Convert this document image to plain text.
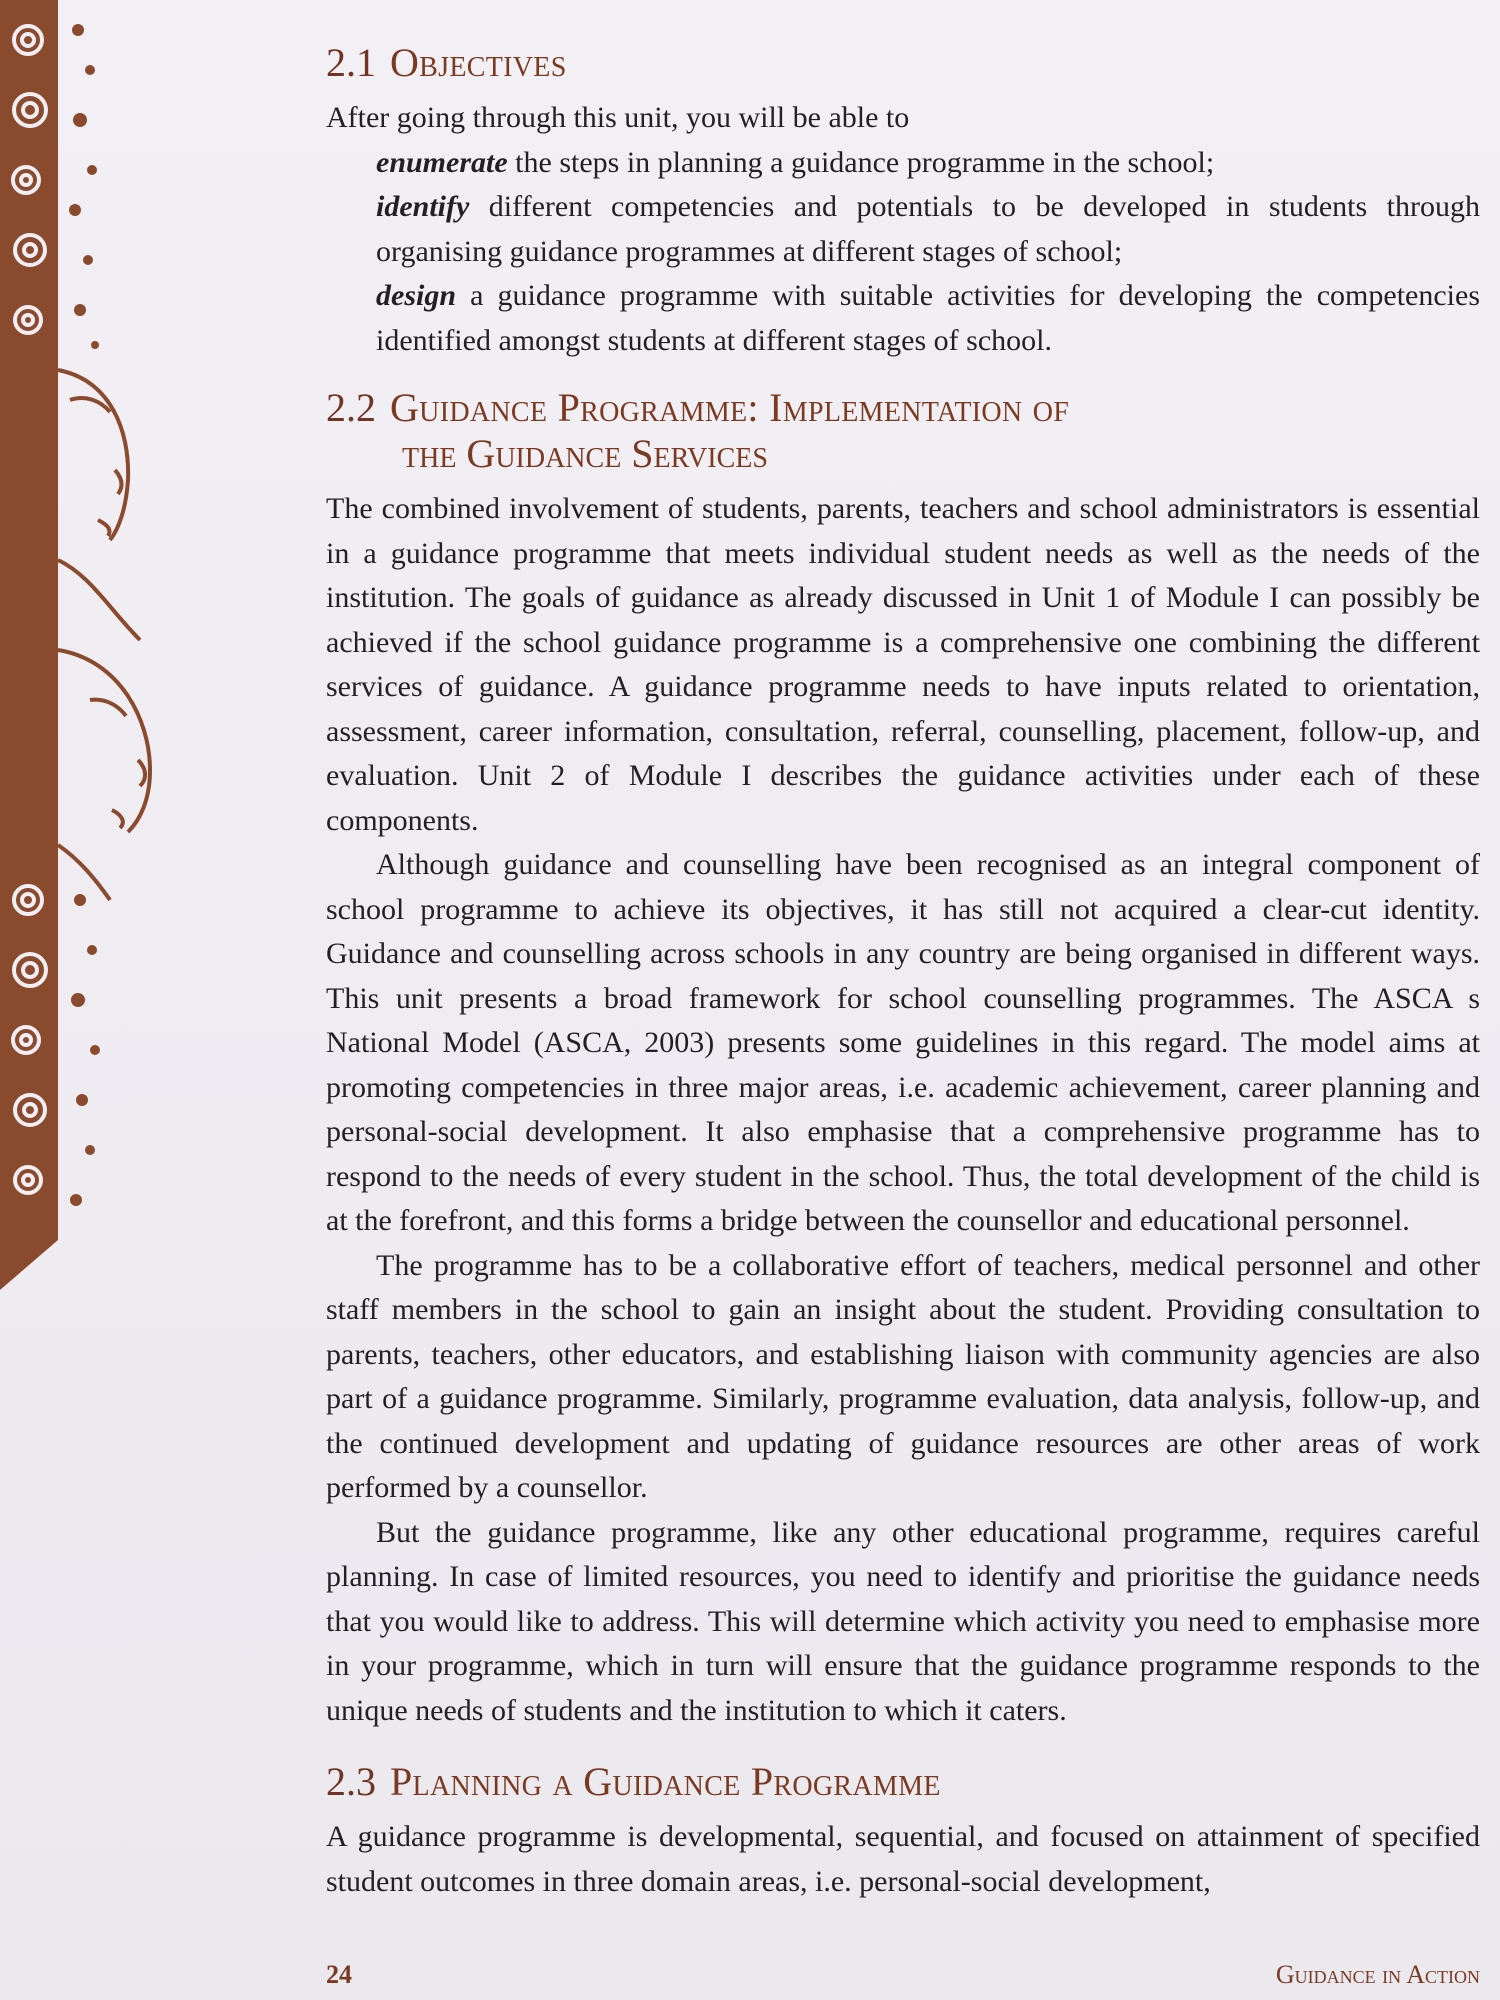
2.1 Objectives

After going through this unit, you will be able to

enumerate the steps in planning a guidance programme in the school;
identify different competencies and potentials to be developed in students through organising guidance programmes at different stages of school;
design a guidance programme with suitable activities for developing the competencies identified amongst students at different stages of school.
2.2 Guidance Programme: Implementation of
the Guidance Services

The combined involvement of students, parents, teachers and school administrators is essential in a guidance programme that meets individual student needs as well as the needs of the institution. The goals of guidance as already discussed in Unit 1 of Module I can possibly be achieved if the school guidance programme is a comprehensive one combining the different services of guidance. A guidance programme needs to have inputs related to orientation, assessment, career information, consultation, referral, counselling, placement, follow-up, and evaluation. Unit 2 of Module I describes the guidance activities under each of these components.

Although guidance and counselling have been recognised as an integral component of school programme to achieve its objectives, it has still not acquired a clear-cut identity. Guidance and counselling across schools in any country are being organised in different ways. This unit presents a broad framework for school counselling programmes. The ASCA s National Model (ASCA, 2003) presents some guidelines in this regard. The model aims at promoting competencies in three major areas, i.e. academic achievement, career planning and personal-social development. It also emphasise that a comprehensive programme has to respond to the needs of every student in the school. Thus, the total development of the child is at the forefront, and this forms a bridge between the counsellor and educational personnel.

The programme has to be a collaborative effort of teachers, medical personnel and other staff members in the school to gain an insight about the student. Providing consultation to parents, teachers, other educators, and establishing liaison with community agencies are also part of a guidance programme. Similarly, programme evaluation, data analysis, follow-up, and the continued development and updating of guidance resources are other areas of work performed by a counsellor.

But the guidance programme, like any other educational programme, requires careful planning. In case of limited resources, you need to identify and prioritise the guidance needs that you would like to address. This will determine which activity you need to emphasise more in your programme, which in turn will ensure that the guidance programme responds to the unique needs of students and the institution to which it caters.

2.3 Planning a Guidance Programme

A guidance programme is developmental, sequential, and focused on attainment of specified student outcomes in three domain areas, i.e. personal-social development,

24	Guidance in Action
